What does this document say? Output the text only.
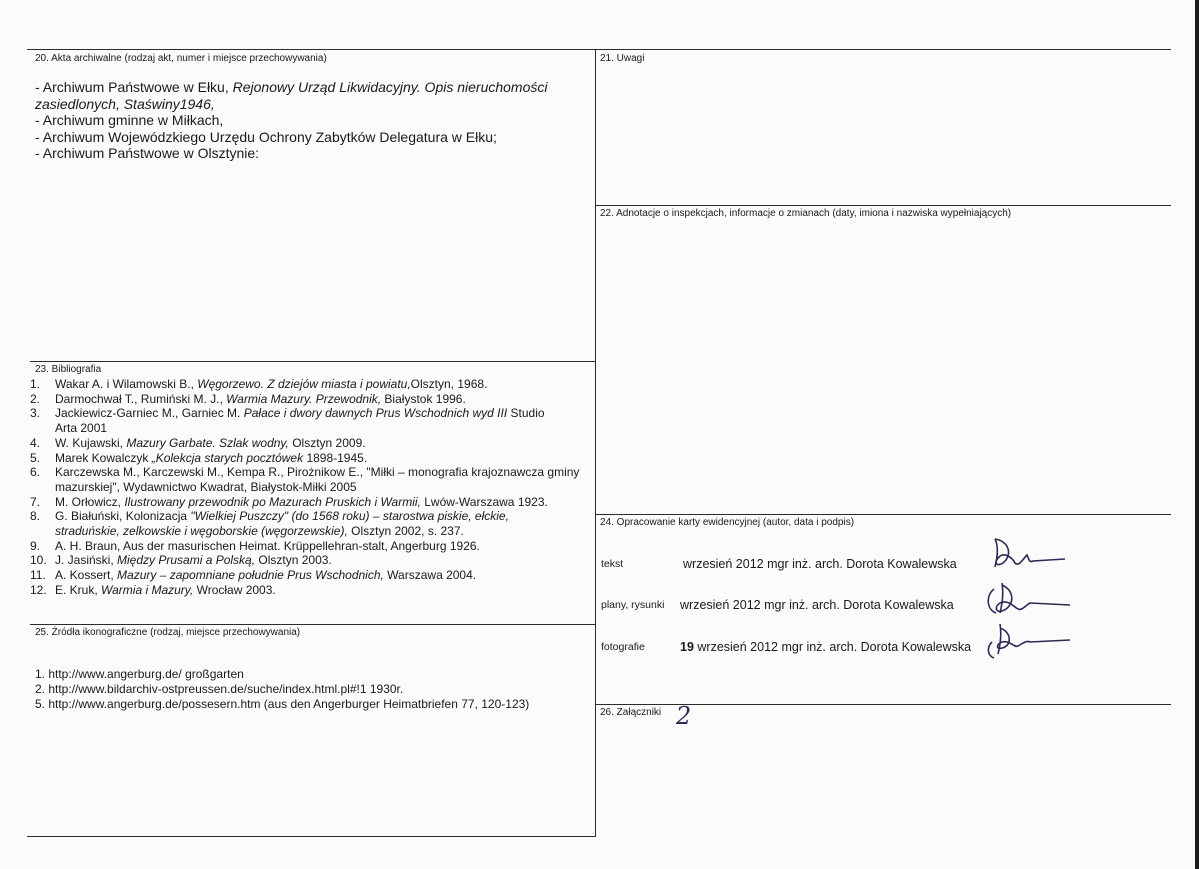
20. Akta archiwalne (rodzaj akt, numer i miejsce przechowywania)
- Archiwum Państwowe w Ełku, Rejonowy Urząd Likwidacyjny. Opis nieruchomości
zasiedlonych, Staświny1946,
- Archiwum gminne w Miłkach,
- Archiwum Wojewódzkiego Urzędu Ochrony Zabytków Delegatura w Ełku;
- Archiwum Państwowe w Olsztynie:
21. Uwagi
22. Adnotacje o inspekcjach, informacje o zmianach (daty, imiona i nazwiska wypełniających)
23. Bibliografia
1. Wakar A. i Wilamowski B., Węgorzewo. Z dziejów miasta i powiatu,Olsztyn, 1968.
2. Darmochwał T., Rumiński M. J., Warmia Mazury. Przewodnik, Białystok 1996.
3. Jackiewicz-Garniec M., Garniec M. Pałace i dwory dawnych Prus Wschodnich wyd III Studio Arta 2001
4. W. Kujawski, Mazury Garbate. Szlak wodny, Olsztyn 2009.
5. Marek Kowalczyk „Kolekcja starych pocztówek 1898-1945.
6. Karczewska M., Karczewski M., Kempa R., Pirożnikow E., "Miłki – monografia krajoznawcza gminy mazurskiej", Wydawnictwo Kwadrat, Białystok-Miłki 2005
7. M. Orłowicz, Ilustrowany przewodnik po Mazurach Pruskich i Warmii, Lwów-Warszawa 1923.
8. G. Białuński, Kolonizacja "Wielkiej Puszczy" (do 1568 roku) – starostwa piskie, ełckie, straduńskie, zelkowskie i węgoborskie (węgorzewskie), Olsztyn 2002, s. 237.
9. A. H. Braun, Aus der masurischen Heimat. Krüppellehran-stalt, Angerburg 1926.
10. J. Jasiński, Między Prusami a Polską, Olsztyn 2003.
11. A. Kossert, Mazury – zapomniane południe Prus Wschodnich, Warszawa 2004.
12. E. Kruk, Warmia i Mazury, Wrocław 2003.
24. Opracowanie karty ewidencyjnej (autor, data i podpis)
tekst	wrzesień 2012 mgr inż. arch. Dorota Kowalewska
plany, rysunki wrzesień 2012 mgr inż. arch. Dorota Kowalewska
fotografie	19 wrzesień 2012 mgr inż. arch. Dorota Kowalewska
25. Źródła ikonograficzne (rodzaj, miejsce przechowywania)
1. http://www.angerburg.de/ großgarten
2. http://www.bildarchiv-ostpreussen.de/suche/index.html.pl#!1 1930r.
5. http://www.angerburg.de/possesern.htm (aus den Angerburger Heimatbriefen 77, 120-123)
26. Załączniki 2
